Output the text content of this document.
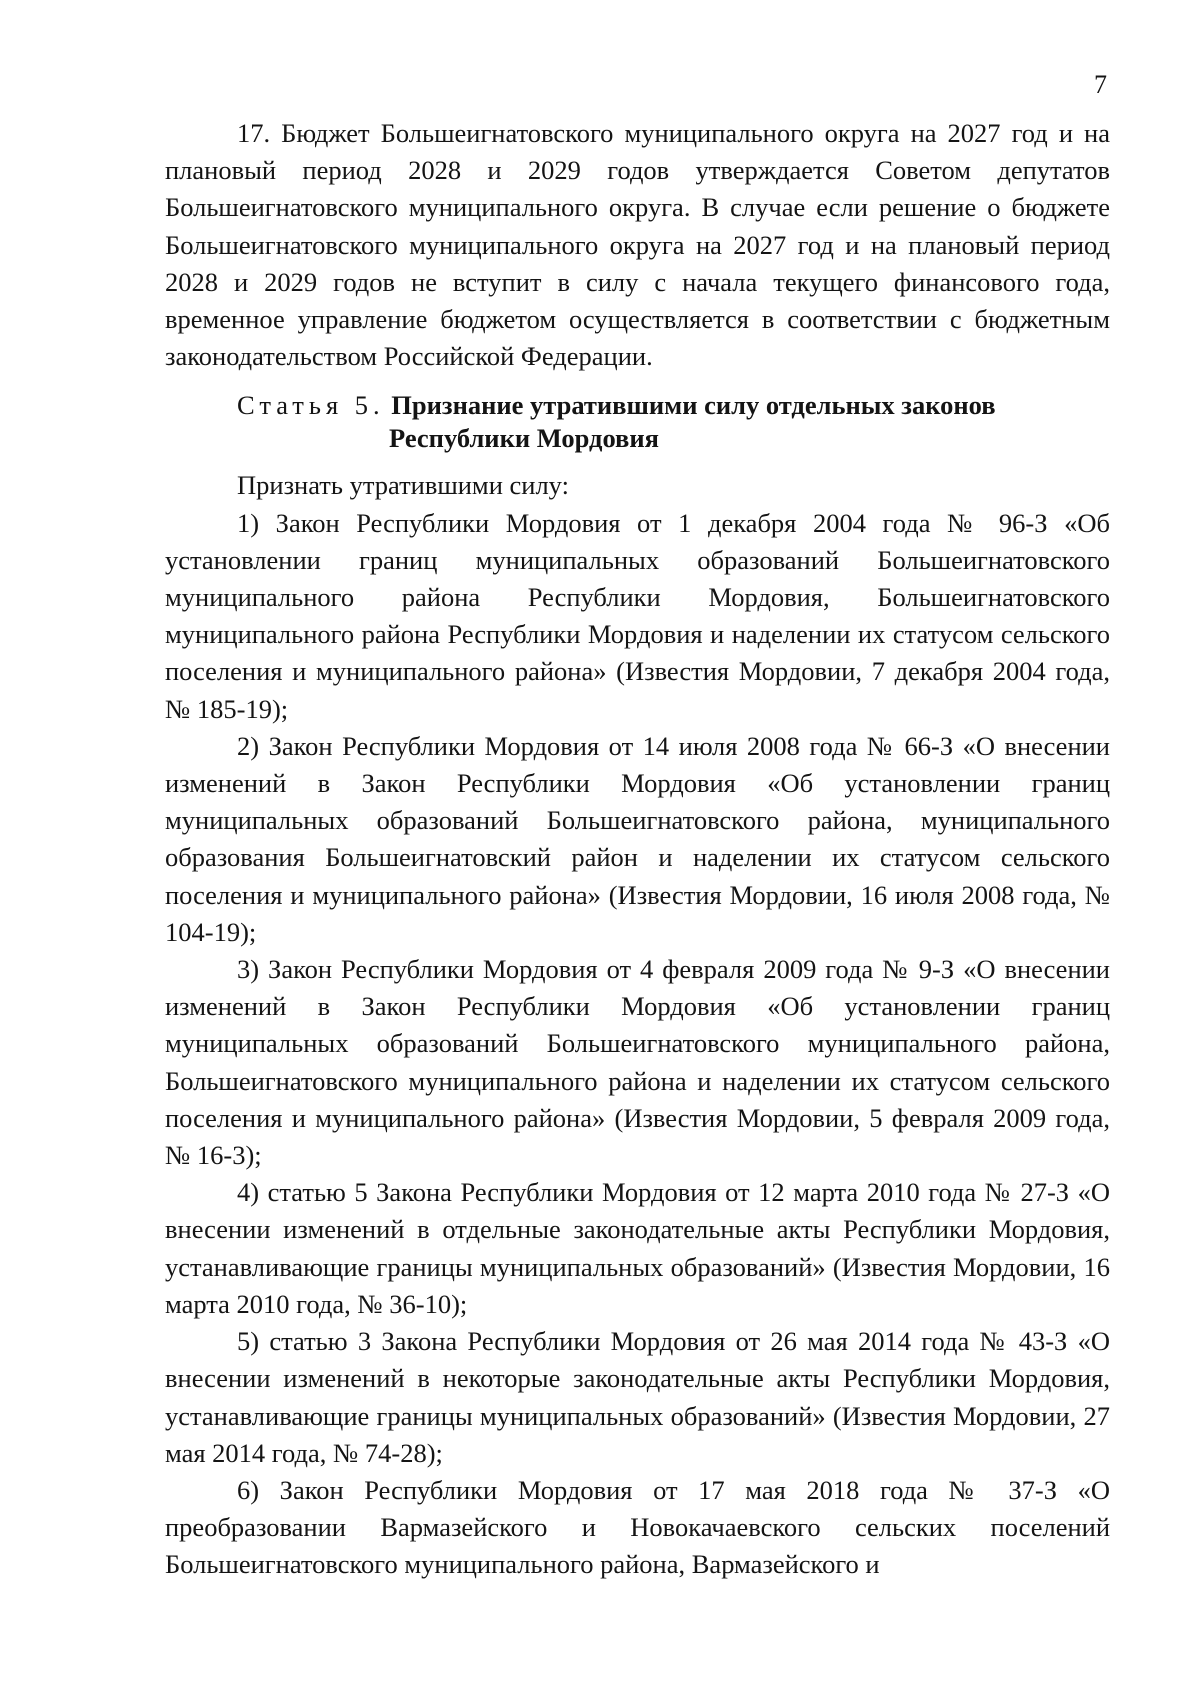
7

17. Бюджет Большеигнатовского муниципального округа на 2027 год и на плановый период 2028 и 2029 годов утверждается Советом депутатов Большеигнатовского муниципального округа. В случае если решение о бюджете Большеигнатовского муниципального округа на 2027 год и на плановый период 2028 и 2029 годов не вступит в силу с начала текущего финансового года, временное управление бюджетом осуществляется в соответствии с бюджетным законодательством Российской Федерации.

Статья 5. Признание утратившими силу отдельных законов
Республики Мордовия

Признать утратившими силу:

1) Закон Республики Мордовия от 1 декабря 2004 года № 96-З «Об установлении границ муниципальных образований Большеигнатовского муниципального района Республики Мордовия, Большеигнатовского муниципального района Республики Мордовия и наделении их статусом сельского поселения и муниципального района» (Известия Мордовии, 7 декабря 2004 года, № 185-19);

2) Закон Республики Мордовия от 14 июля 2008 года № 66-З «О внесении изменений в Закон Республики Мордовия «Об установлении границ муниципальных образований Большеигнатовского района, муниципального образования Большеигнатовский район и наделении их статусом сельского поселения и муниципального района» (Известия Мордовии, 16 июля 2008 года, № 104-19);

3) Закон Республики Мордовия от 4 февраля 2009 года № 9-З «О внесении изменений в Закон Республики Мордовия «Об установлении границ муниципальных образований Большеигнатовского муниципального района, Большеигнатовского муниципального района и наделении их статусом сельского поселения и муниципального района» (Известия Мордовии, 5 февраля 2009 года, № 16-3);

4) статью 5 Закона Республики Мордовия от 12 марта 2010 года № 27-З «О внесении изменений в отдельные законодательные акты Республики Мордовия, устанавливающие границы муниципальных образований» (Известия Мордовии, 16 марта 2010 года, № 36-10);

5) статью 3 Закона Республики Мордовия от 26 мая 2014 года № 43-З «О внесении изменений в некоторые законодательные акты Республики Мордовия, устанавливающие границы муниципальных образований» (Известия Мордовии, 27 мая 2014 года, № 74-28);

6) Закон Республики Мордовия от 17 мая 2018 года № 37-З «О преобразовании Вармазейского и Новокачаевского сельских поселений Большеигнатовского муниципального района, Вармазейского и
